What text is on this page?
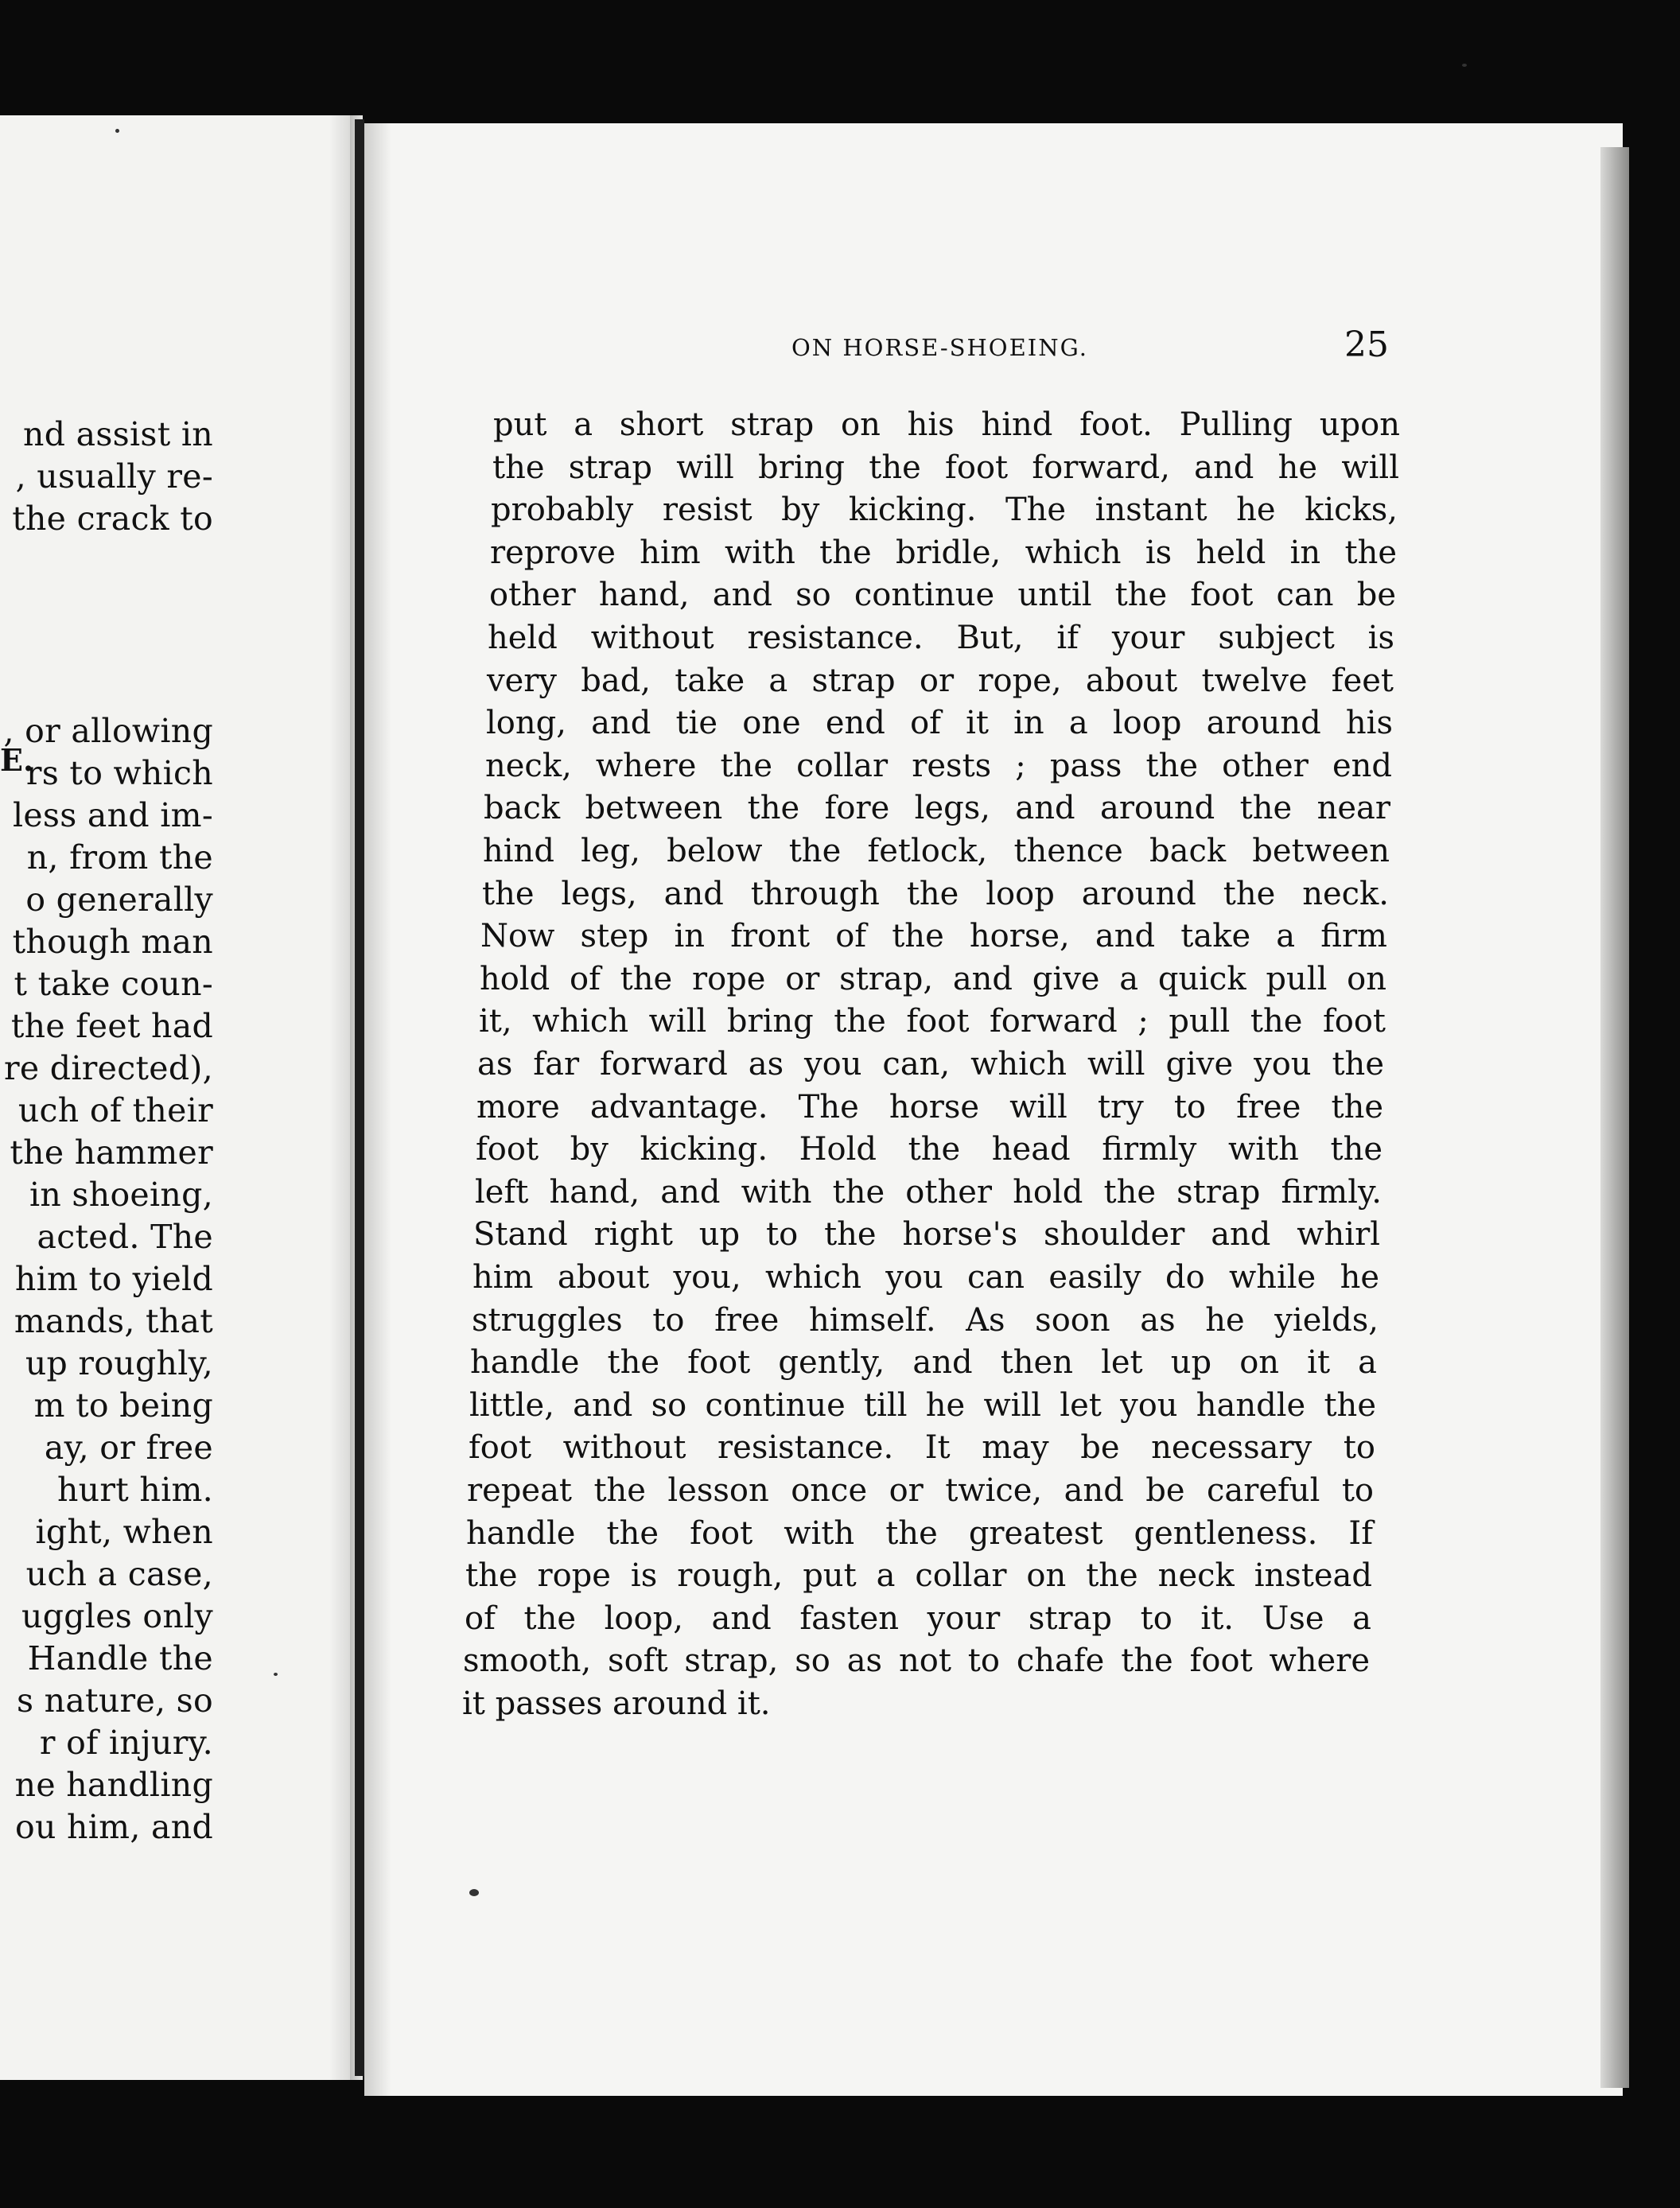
nd assist in
, usually re-
the crack to
, or allowing
rs to which
less and im-
n, from the
o generally
though man
t take coun-
the feet had
re directed),
uch of their
the hammer
in shoeing,
acted. The
him to yield
mands, that
up roughly,
m to being
ay, or free
hurt him.
ight, when
uch a case,
uggles only
Handle the
s nature, so
r of injury.
ne handling
ou him, and
E.
ON HORSE-SHOEING.	25
put a short strap on his hind foot. Pulling upon
the strap will bring the foot forward, and he will
probably resist by kicking. The instant he kicks,
reprove him with the bridle, which is held in the
other hand, and so continue until the foot can be
held without resistance. But, if your subject is
very bad, take a strap or rope, about twelve feet
long, and tie one end of it in a loop around his
neck, where the collar rests ; pass the other end
back between the fore legs, and around the near
hind leg, below the fetlock, thence back between
the legs, and through the loop around the neck.
Now step in front of the horse, and take a firm
hold of the rope or strap, and give a quick pull on
it, which will bring the foot forward ; pull the foot
as far forward as you can, which will give you the
more advantage. The horse will try to free the
foot by kicking. Hold the head firmly with the
left hand, and with the other hold the strap firmly.
Stand right up to the horse's shoulder and whirl
him about you, which you can easily do while he
struggles to free himself. As soon as he yields,
handle the foot gently, and then let up on it a
little, and so continue till he will let you handle the
foot without resistance. It may be necessary to
repeat the lesson once or twice, and be careful to
handle the foot with the greatest gentleness. If
the rope is rough, put a collar on the neck instead
of the loop, and fasten your strap to it. Use a
smooth, soft strap, so as not to chafe the foot where
it passes around it.
